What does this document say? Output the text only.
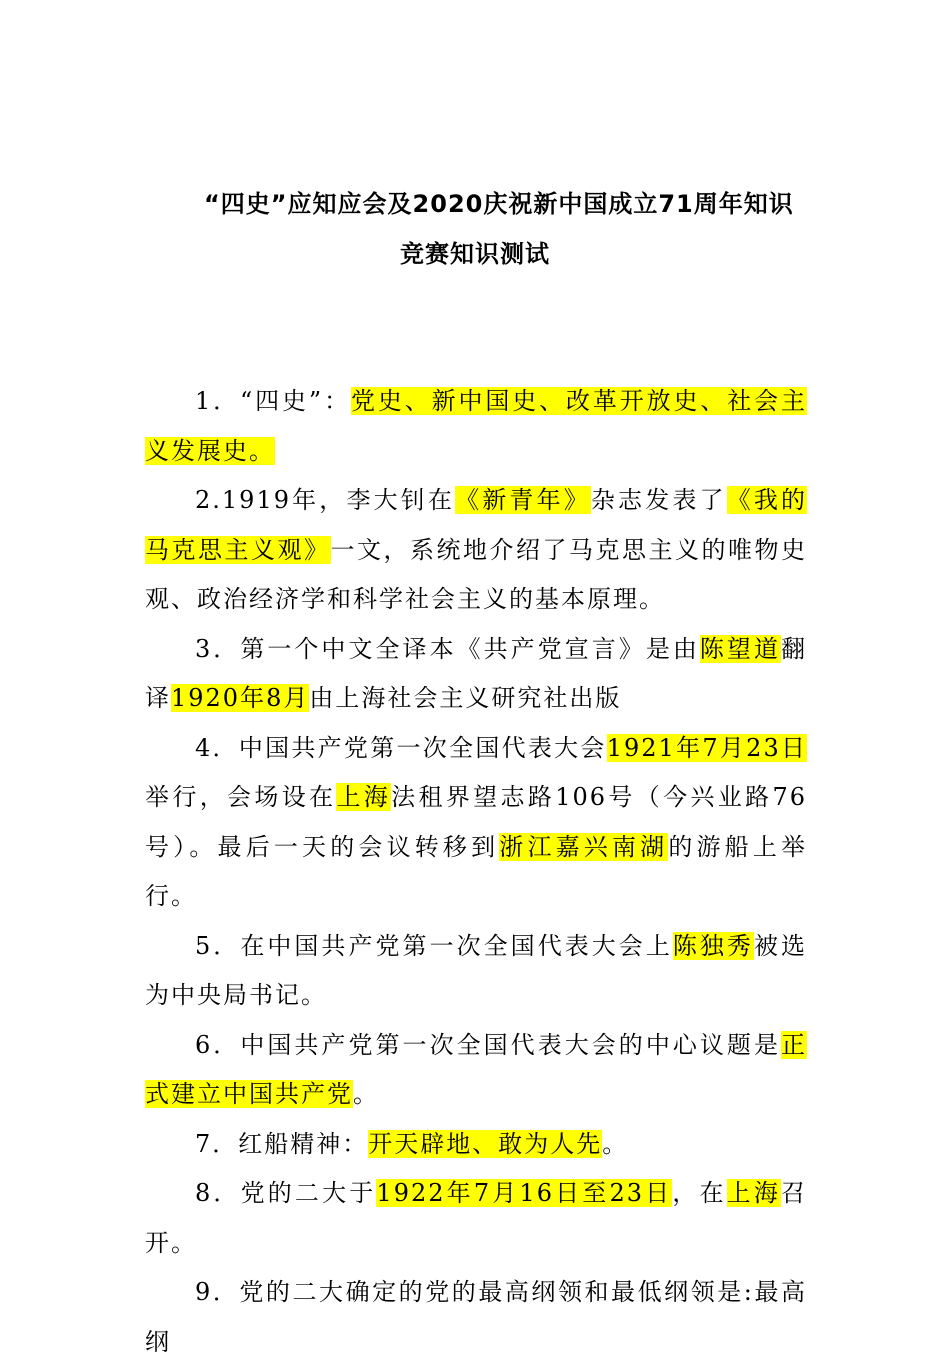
“四史”应知应会及2020庆祝新中国成立71周年知识
竞赛知识测试

1．“四史”：党史、新中国史、改革开放史、社会主义发展史。

2.1919年，李大钊在《新青年》杂志发表了《我的马克思主义观》一文，系统地介绍了马克思主义的唯物史观、政治经济学和科学社会主义的基本原理。

3．第一个中文全译本《共产党宣言》是由陈望道翻译1920年8月由上海社会主义研究社出版

4．中国共产党第一次全国代表大会1921年7月23日举行，会场设在上海法租界望志路106号（今兴业路76号）。最后一天的会议转移到浙江嘉兴南湖的游船上举行。

5．在中国共产党第一次全国代表大会上陈独秀被选为中央局书记。

6．中国共产党第一次全国代表大会的中心议题是正式建立中国共产党。

7．红船精神：开天辟地、敢为人先。

8．党的二大于1922年7月16日至23日，在上海召开。

9．党的二大确定的党的最高纲领和最低纲领是:最高纲
